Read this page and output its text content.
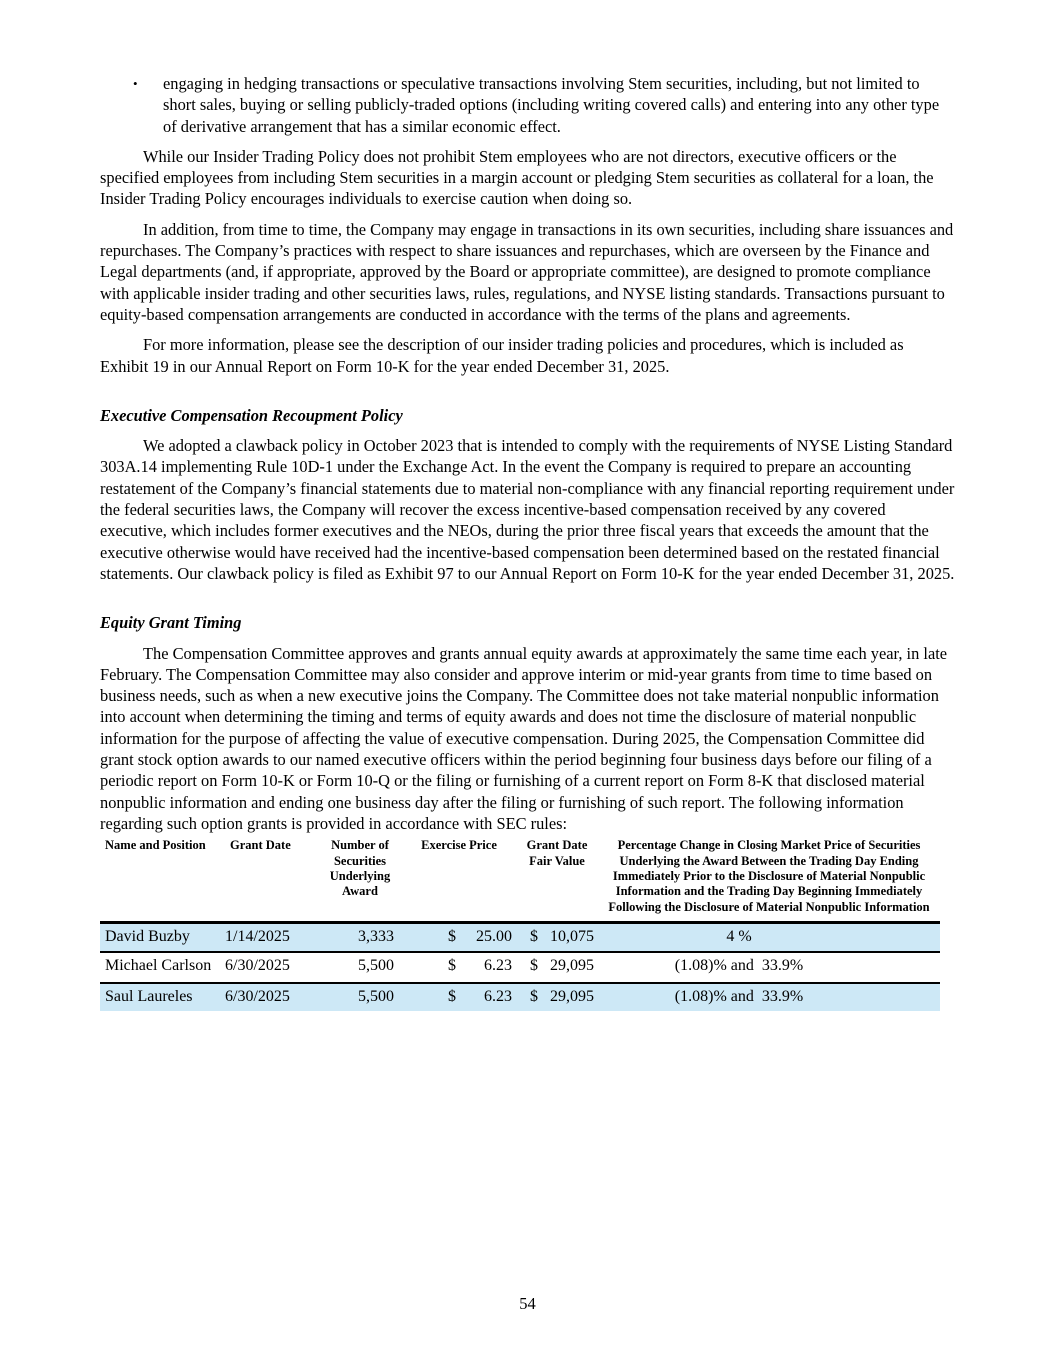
•	engaging in hedging transactions or speculative transactions involving Stem securities, including, but not limited to short sales, buying or selling publicly-traded options (including writing covered calls) and entering into any other type of derivative arrangement that has a similar economic effect.

While our Insider Trading Policy does not prohibit Stem employees who are not directors, executive officers or the specified employees from including Stem securities in a margin account or pledging Stem securities as collateral for a loan, the Insider Trading Policy encourages individuals to exercise caution when doing so.

In addition, from time to time, the Company may engage in transactions in its own securities, including share issuances and repurchases. The Company’s practices with respect to share issuances and repurchases, which are overseen by the Finance and Legal departments (and, if appropriate, approved by the Board or appropriate committee), are designed to promote compliance with applicable insider trading and other securities laws, rules, regulations, and NYSE listing standards. Transactions pursuant to equity-based compensation arrangements are conducted in accordance with the terms of the plans and agreements.

For more information, please see the description of our insider trading policies and procedures, which is included as Exhibit 19 in our Annual Report on Form 10-K for the year ended December 31, 2025.

Executive Compensation Recoupment Policy

We adopted a clawback policy in October 2023 that is intended to comply with the requirements of NYSE Listing Standard 303A.14 implementing Rule 10D-1 under the Exchange Act. In the event the Company is required to prepare an accounting restatement of the Company’s financial statements due to material non-compliance with any financial reporting requirement under the federal securities laws, the Company will recover the excess incentive-based compensation received by any covered executive, which includes former executives and the NEOs, during the prior three fiscal years that exceeds the amount that the executive otherwise would have received had the incentive-based compensation been determined based on the restated financial statements. Our clawback policy is filed as Exhibit 97 to our Annual Report on Form 10-K for the year ended December 31, 2025.

Equity Grant Timing

The Compensation Committee approves and grants annual equity awards at approximately the same time each year, in late February. The Compensation Committee may also consider and approve interim or mid-year grants from time to time based on business needs, such as when a new executive joins the Company. The Committee does not take material nonpublic information into account when determining the timing and terms of equity awards and does not time the disclosure of material nonpublic information for the purpose of affecting the value of executive compensation. During 2025, the Compensation Committee did grant stock option awards to our named executive officers within the period beginning four business days before our filing of a periodic report on Form 10-K or Form 10-Q or the filing or furnishing of a current report on Form 8-K that disclosed material nonpublic information and ending one business day after the filing or furnishing of such report. The following information regarding such option grants is provided in accordance with SEC rules:

Name and Position	Grant Date	Number of Securities Underlying Award	Exercise Price		Grant Date Fair Value		Percentage Change in Closing Market Price of Securities Underlying the Award Between the Trading Day Ending Immediately Prior to the Disclosure of Material Nonpublic Information and the Trading Day Beginning Immediately Following the Disclosure of Material Nonpublic Information
David Buzby	1/14/2025	3,333	$	25.00	$	10,075	4 %
Michael Carlson	6/30/2025	5,500	$	6.23	$	29,095	(1.08)% and  33.9%
Saul Laureles	6/30/2025	5,500	$	6.23	$	29,095	(1.08)% and  33.9%
54
